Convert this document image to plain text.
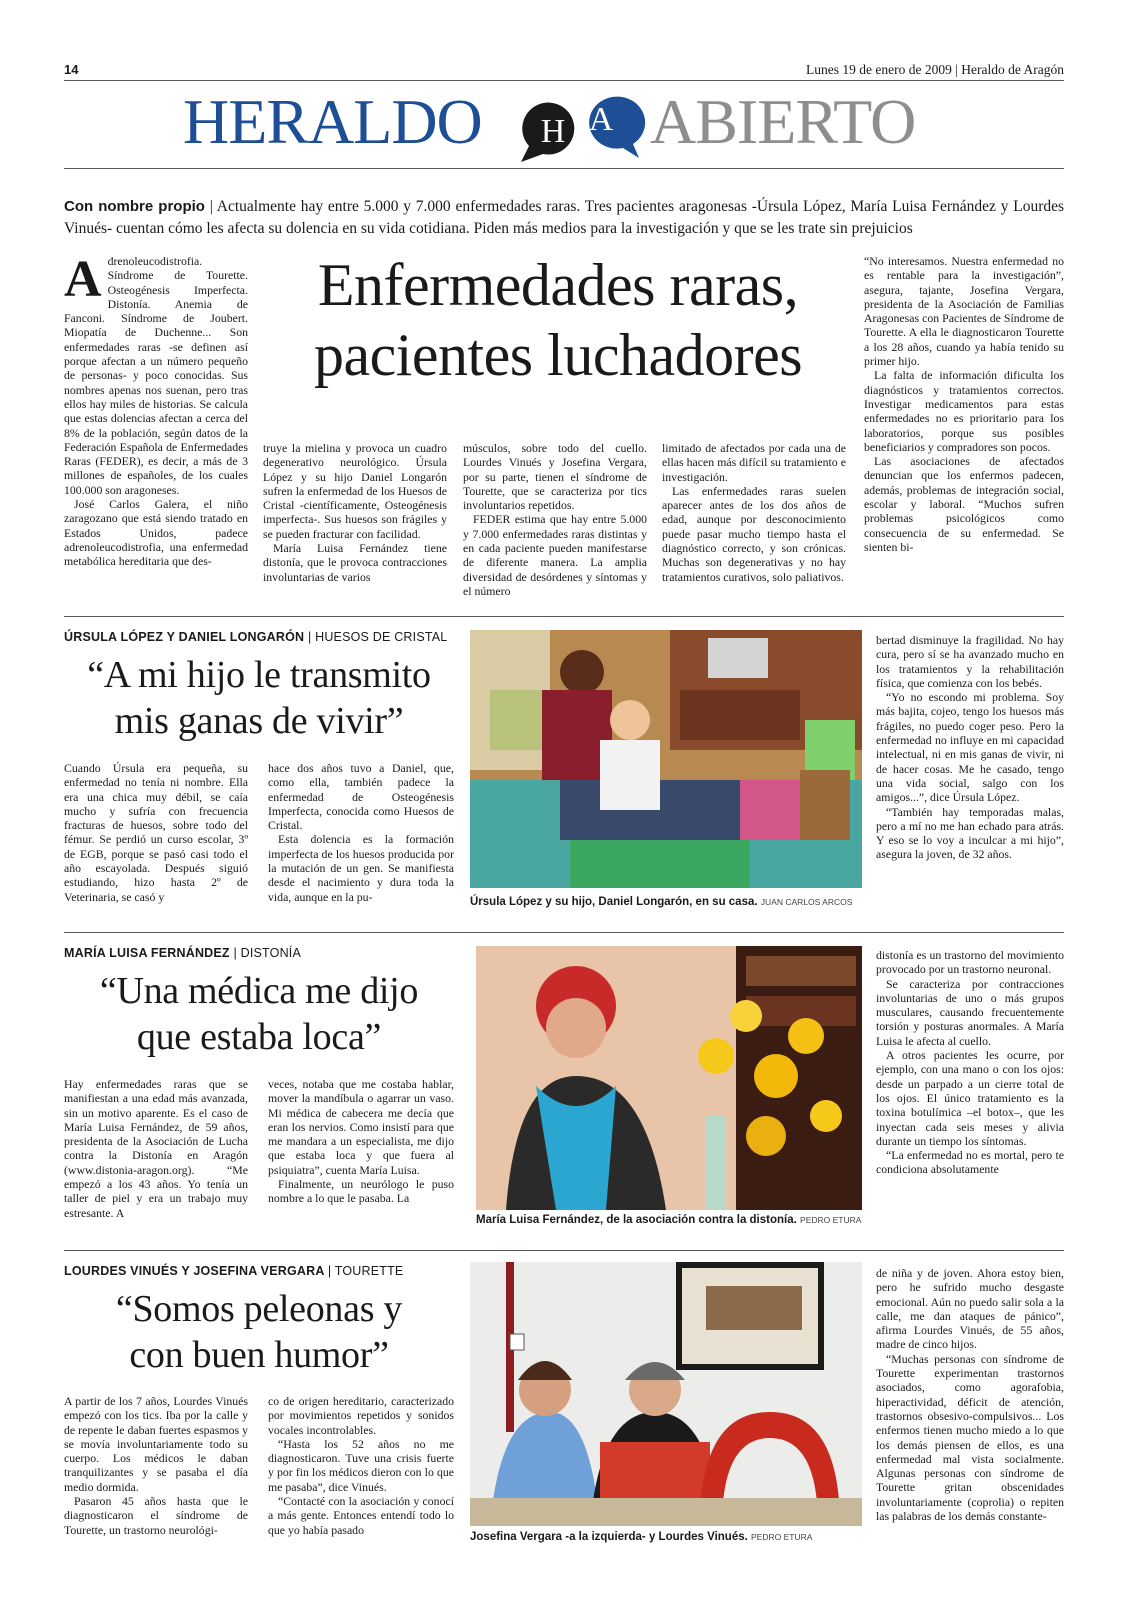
14	Lunes 19 de enero de 2009 | Heraldo de Aragón
HERALDO H A ABIERTO
Con nombre propio | Actualmente hay entre 5.000 y 7.000 enfermedades raras. Tres pacientes aragonesas -Úrsula López, María Luisa Fernández y Lourdes Vinués- cuentan cómo les afecta su dolencia en su vida cotidiana. Piden más medios para la investigación y que se les trate sin prejuicios
Enfermedades raras,
pacientes luchadores
A drenoleucodistrofia. Síndrome de Tourette. Osteogénesis Imperfecta. Distonía. Anemia de Fanconi. Síndrome de Joubert. Miopatía de Duchenne... Son enfermedades raras -se definen así porque afectan a un número pequeño de personas- y poco conocidas. Sus nombres apenas nos suenan, pero tras ellos hay miles de historias. Se calcula que estas dolencias afectan a cerca del 8% de la población, según datos de la Federación Española de Enfermedades Raras (FEDER), es decir, a más de 3 millones de españoles, de los cuales 100.000 son aragoneses.

José Carlos Galera, el niño zaragozano que está siendo tratado en Estados Unidos, padece adrenoleucodistrofia, una enfermedad metabólica hereditaria que des-

truye la mielina y provoca un cuadro degenerativo neurológico. Úrsula López y su hijo Daniel Longarón sufren la enfermedad de los Huesos de Cristal -científicamente, Osteogénesis imperfecta-. Sus huesos son frágiles y se pueden fracturar con facilidad.

María Luisa Fernández tiene distonía, que le provoca contracciones involuntarias de varios

músculos, sobre todo del cuello. Lourdes Vinués y Josefina Vergara, por su parte, tienen el síndrome de Tourette, que se caracteriza por tics involuntarios repetidos.

FEDER estima que hay entre 5.000 y 7.000 enfermedades raras distintas y en cada paciente pueden manifestarse de diferente manera. La amplia diversidad de desórdenes y síntomas y el número

limitado de afectados por cada una de ellas hacen más difícil su tratamiento e investigación.

Las enfermedades raras suelen aparecer antes de los dos años de edad, aunque por desconocimiento puede pasar mucho tiempo hasta el diagnóstico correcto, y son crónicas. Muchas son degenerativas y no hay tratamientos curativos, solo paliativos.

“No interesamos. Nuestra enfermedad no es rentable para la investigación”, asegura, tajante, Josefina Vergara, presidenta de la Asociación de Familias Aragonesas con Pacientes de Síndrome de Tourette. A ella le diagnosticaron Tourette a los 28 años, cuando ya había tenido su primer hijo.

La falta de información dificulta los diagnósticos y tratamientos correctos. Investigar medicamentos para estas enfermedades no es prioritario para los laboratorios, porque sus posibles beneficiarios y compradores son pocos.

Las asociaciones de afectados denuncian que los enfermos padecen, además, problemas de integración social, escolar y laboral. “Muchos sufren problemas psicológicos como consecuencia de su enfermedad. Se sienten bi-

ÚRSULA LÓPEZ Y DANIEL LONGARÓN | HUESOS DE CRISTAL
“A mi hijo le transmito
mis ganas de vivir”

Cuando Úrsula era pequeña, su enfermedad no tenía ni nombre. Ella era una chica muy débil, se caía mucho y sufría con frecuencia fracturas de huesos, sobre todo del fémur. Se perdió un curso escolar, 3º de EGB, porque se pasó casi todo el año escayolada. Después siguió estudiando, hizo hasta 2º de Veterinaria, se casó y

hace dos años tuvo a Daniel, que, como ella, también padece la enfermedad de Osteogénesis Imperfecta, conocida como Huesos de Cristal.

Esta dolencia es la formación imperfecta de los huesos producida por la mutación de un gen. Se manifiesta desde el nacimiento y dura toda la vida, aunque en la pu-	Úrsula López y su hijo, Daniel Longarón, en su casa. JUAN CARLOS ARCOS

bertad disminuye la fragilidad. No hay cura, pero sí se ha avanzado mucho en los tratamientos y la rehabilitación física, que comienza con los bebés.

“Yo no escondo mi problema. Soy más bajita, cojeo, tengo los huesos más frágiles, no puedo coger peso. Pero la enfermedad no influye en mi capacidad intelectual, ni en mis ganas de vivir, ni de hacer cosas. Me he casado, tengo una vida social, salgo con los amigos...”, dice Úrsula López.

“También hay temporadas malas, pero a mí no me han echado para atrás. Y eso se lo voy a inculcar a mi hijo”, asegura la joven, de 32 años.

MARÍA LUISA FERNÁNDEZ | DISTONÍA
“Una médica me dijo
que estaba loca”

Hay enfermedades raras que se manifiestan a una edad más avanzada, sin un motivo aparente. Es el caso de María Luisa Fernández, de 59 años, presidenta de la Asociación de Lucha contra la Distonía en Aragón (www.distonia-aragon.org). “Me empezó a los 43 años. Yo tenía un taller de piel y era un trabajo muy estresante. A

veces, notaba que me costaba hablar, mover la mandíbula o agarrar un vaso. Mi médica de cabecera me decía que eran los nervios. Como insistí para que me mandara a un especialista, me dijo que estaba loca y que fuera al psiquiatra”, cuenta María Luisa.

Finalmente, un neurólogo le puso nombre a lo que le pasaba. La

María Luisa Fernández, de la asociación contra la distonía. PEDRO ETURA

distonía es un trastorno del movimiento provocado por un trastorno neuronal.

Se caracteriza por contracciones involuntarias de uno o más grupos musculares, causando frecuentemente torsión y posturas anormales. A María Luisa le afecta al cuello.

A otros pacientes les ocurre, por ejemplo, con una mano o con los ojos: desde un parpado a un cierre total de los ojos. El único tratamiento es la toxina botulímica –el botox–, que les inyectan cada seis meses y alivia durante un tiempo los síntomas.

“La enfermedad no es mortal, pero te condiciona absolutamente

LOURDES VINUÉS Y JOSEFINA VERGARA | TOURETTE
“Somos peleonas y
con buen humor”

A partir de los 7 años, Lourdes Vinués empezó con los tics. Iba por la calle y de repente le daban fuertes espasmos y se movía involuntariamente todo su cuerpo. Los médicos le daban tranquilizantes y se pasaba el día medio dormida.

Pasaron 45 años hasta que le diagnosticaron el síndrome de Tourette, un trastorno neurológi-

co de origen hereditario, caracterizado por movimientos repetidos y sonidos vocales incontrolables.

“Hasta los 52 años no me diagnosticaron. Tuve una crisis fuerte y por fin los médicos dieron con lo que me pasaba”, dice Vinués.

“Contacté con la asociación y conocí a más gente. Entonces entendí todo lo que yo había pasado

Josefina Vergara -a la izquierda- y Lourdes Vinués. PEDRO ETURA

de niña y de joven. Ahora estoy bien, pero he sufrido mucho desgaste emocional. Aún no puedo salir sola a la calle, me dan ataques de pánico”, afirma Lourdes Vinués, de 55 años, madre de cinco hijos.

“Muchas personas con síndrome de Tourette experimentan trastornos asociados, como agorafobia, hiperactividad, déficit de atención, trastornos obsesivo-compulsivos... Los enfermos tienen mucho miedo a lo que los demás piensen de ellos, es una enfermedad mal vista socialmente. Algunas personas con síndrome de Tourette gritan obscenidades involuntariamente (coprolia) o repiten las palabras de los demás constante-
